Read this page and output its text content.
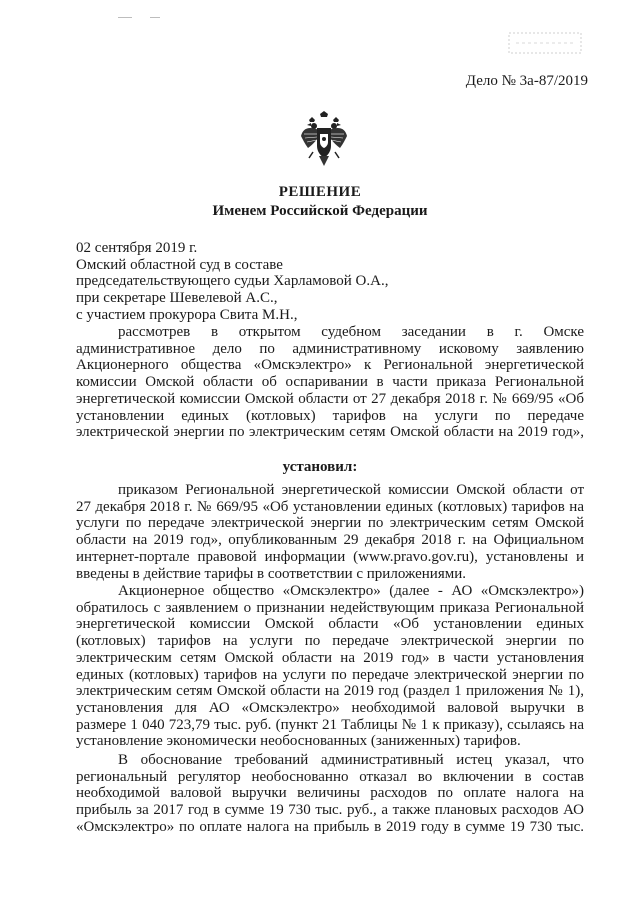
Дело № 3а-87/2019
РЕШЕНИЕ
Именем Российской Федерации
02 сентября 2019 г.
Омский областной суд в составе
председательствующего судьи Харламовой О.А.,
при секретаре Шевелевой А.С.,
с участием прокурора Свита М.Н.,
рассмотрев в открытом судебном заседании в г. Омске
административное дело по административному исковому заявлению
Акционерного общества «Омскэлектро» к Региональной энергетической
комиссии Омской области об оспаривании в части приказа Региональной
энергетической комиссии Омской области от 27 декабря 2018 г. № 669/95 «Об
установлении единых (котловых) тарифов на услуги по передаче
электрической энергии по электрическим сетям Омской области на 2019 год»,
установил:
приказом Региональной энергетической комиссии Омской области от
27 декабря 2018 г. № 669/95 «Об установлении единых (котловых) тарифов на
услуги по передаче электрической энергии по электрическим сетям Омской
области на 2019 год», опубликованным 29 декабря 2018 г. на Официальном
интернет-портале правовой информации (www.pravo.gov.ru), установлены и
введены в действие тарифы в соответствии с приложениями.
Акционерное общество «Омскэлектро» (далее - АО «Омскэлектро»)
обратилось с заявлением о признании недействующим приказа Региональной
энергетической комиссии Омской области «Об установлении единых
(котловых) тарифов на услуги по передаче электрической энергии по
электрическим сетям Омской области на 2019 год» в части установления
единых (котловых) тарифов на услуги по передаче электрической энергии по
электрическим сетям Омской области на 2019 год (раздел 1 приложения № 1),
установления для АО «Омскэлектро» необходимой валовой выручки в
размере 1 040 723,79 тыс. руб. (пункт 21 Таблицы № 1 к приказу), ссылаясь на
установление экономически необоснованных (заниженных) тарифов.
В обоснование требований административный истец указал, что
региональный регулятор необоснованно отказал во включении в состав
необходимой валовой выручки величины расходов по оплате налога на
прибыль за 2017 год в сумме 19 730 тыс. руб., а также плановых расходов АО
«Омскэлектро» по оплате налога на прибыль в 2019 году в сумме 19 730 тыс.
